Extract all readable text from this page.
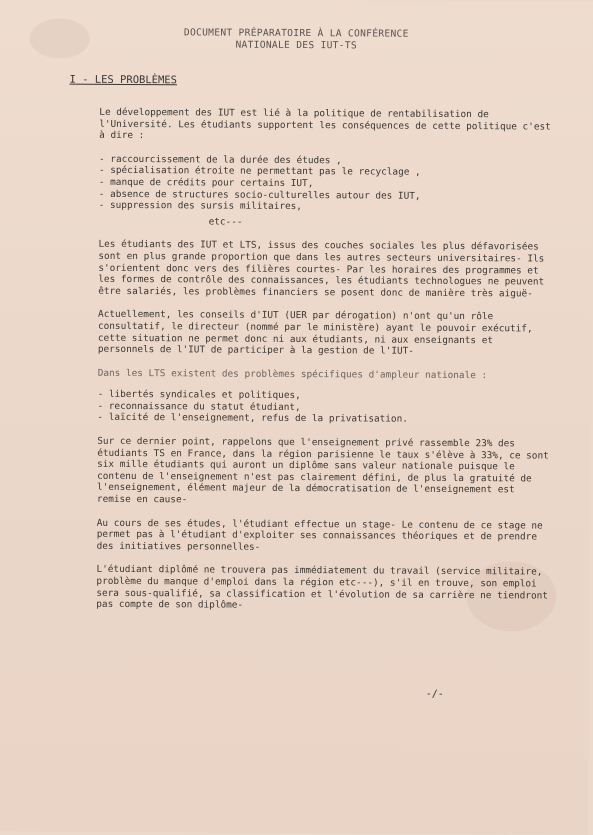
DOCUMENT PRÉPARATOIRE À LA CONFÉRENCE
NATIONALE DES IUT-TS
I - LES PROBLÈMES

Le développement des IUT est lié à la politique de rentabilisation de l'Université. Les étudiants supportent les conséquences de cette politique c'est à dire :

- raccourcissement de la durée des études ,
- spécialisation étroite ne permettant pas le recyclage ,
- manque de crédits pour certains IUT,
- absence de structures socio-culturelles autour des IUT,
- suppression des sursis militaires,
etc---

Les étudiants des IUT et LTS, issus des couches sociales les plus défavorisées sont en plus grande proportion que dans les autres secteurs universitaires- Ils s'orientent donc vers des filières courtes- Par les horaires des programmes et les formes de contrôle des connaissances, les étudiants technologues ne peuvent être salariés, les problèmes financiers se posent donc de manière très aiguë-

Actuellement, les conseils d'IUT (UER par dérogation) n'ont qu'un rôle consultatif, le directeur (nommé par le ministère) ayant le pouvoir exécutif, cette situation ne permet donc ni aux étudiants, ni aux enseignants et personnels de l'IUT de participer à la gestion de l'IUT-

Dans les LTS existent des problèmes spécifiques d'ampleur nationale :

- libertés syndicales et politiques,
- reconnaissance du statut étudiant,
- laïcité de l'enseignement, refus de la privatisation.

Sur ce dernier point, rappelons que l'enseignement privé rassemble 23% des étudiants TS en France, dans la région parisienne le taux s'élève à 33%, ce sont six mille étudiants qui auront un diplôme sans valeur nationale puisque le contenu de l'enseignement n'est pas clairement défini, de plus la gratuité de l'enseignement, élément majeur de la démocratisation de l'enseignement est remise en cause-

Au cours de ses études, l'étudiant effectue un stage- Le contenu de ce stage ne permet pas à l'étudiant d'exploiter ses connaissances théoriques et de prendre des initiatives personnelles-

L'étudiant diplômé ne trouvera pas immédiatement du travail (service militaire, problème du manque d'emploi dans la région etc---), s'il en trouve, son emploi sera sous-qualifié, sa classification et l'évolution de sa carrière ne tiendront pas compte de son diplôme-

-/-
